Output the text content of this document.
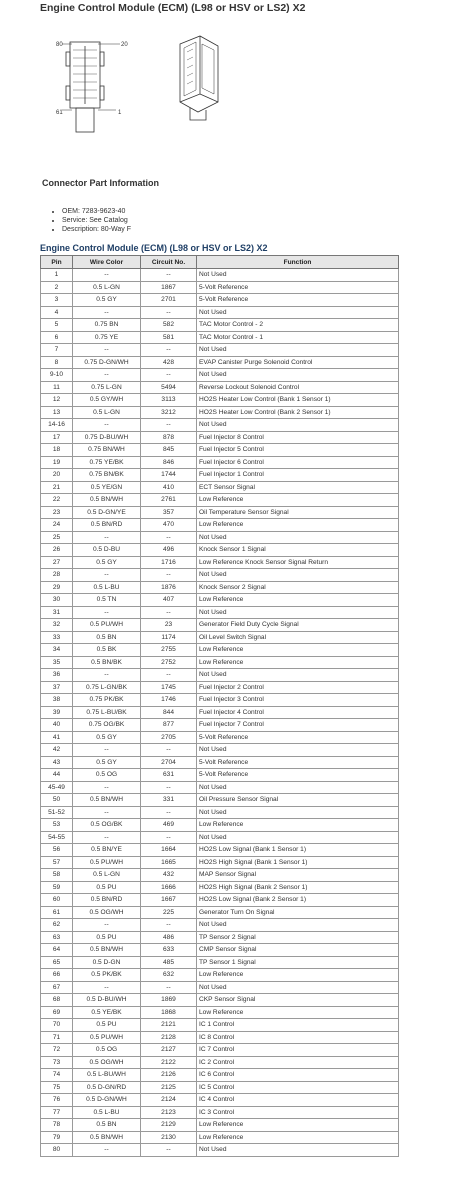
Engine Control Module (ECM) (L98 or HSV or LS2) X2
80	20
61	1
Connector Part Information
• OEM: 7283-9623-40
• Service: See Catalog
• Description: 80-Way F
Engine Control Module (ECM) (L98 or HSV or LS2) X2
Pin	Wire Color	Circuit No.	Function
1	--	--	Not Used
2	0.5 L-GN	1867	5-Volt Reference
3	0.5 GY	2701	5-Volt Reference
4	--	--	Not Used
5	0.75 BN	582	TAC Motor Control - 2
6	0.75 YE	581	TAC Motor Control - 1
7	--	--	Not Used
8	0.75 D-GN/WH	428	EVAP Canister Purge Solenoid Control
9-10	--	--	Not Used
11	0.75 L-GN	5494	Reverse Lockout Solenoid Control
12	0.5 GY/WH	3113	HO2S Heater Low Control (Bank 1 Sensor 1)
13	0.5 L-GN	3212	HO2S Heater Low Control (Bank 2 Sensor 1)
14-16	--	--	Not Used
17	0.75 D-BU/WH	878	Fuel Injector 8 Control
18	0.75 BN/WH	845	Fuel Injector 5 Control
19	0.75 YE/BK	846	Fuel Injector 6 Control
20	0.75 BN/BK	1744	Fuel Injector 1 Control
21	0.5 YE/GN	410	ECT Sensor Signal
22	0.5 BN/WH	2761	Low Reference
23	0.5 D-GN/YE	357	Oil Temperature Sensor Signal
24	0.5 BN/RD	470	Low Reference
25	--	--	Not Used
26	0.5 D-BU	496	Knock Sensor 1 Signal
27	0.5 GY	1716	Low Reference Knock Sensor Signal Return
28	--	--	Not Used
29	0.5 L-BU	1876	Knock Sensor 2 Signal
30	0.5 TN	407	Low Reference
31	--	--	Not Used
32	0.5 PU/WH	23	Generator Field Duty Cycle Signal
33	0.5 BN	1174	Oil Level Switch Signal
34	0.5 BK	2755	Low Reference
35	0.5 BN/BK	2752	Low Reference
36	--	--	Not Used
37	0.75 L-GN/BK	1745	Fuel Injector 2 Control
38	0.75 PK/BK	1746	Fuel Injector 3 Control
39	0.75 L-BU/BK	844	Fuel Injector 4 Control
40	0.75 OG/BK	877	Fuel Injector 7 Control
41	0.5 GY	2705	5-Volt Reference
42	--	--	Not Used
43	0.5 GY	2704	5-Volt Reference
44	0.5 OG	631	5-Volt Reference
45-49	--	--	Not Used
50	0.5 BN/WH	331	Oil Pressure Sensor Signal
51-52	--	--	Not Used
53	0.5 OG/BK	469	Low Reference
54-55	--	--	Not Used
56	0.5 BN/YE	1664	HO2S Low Signal (Bank 1 Sensor 1)
57	0.5 PU/WH	1665	HO2S High Signal (Bank 1 Sensor 1)
58	0.5 L-GN	432	MAP Sensor Signal
59	0.5 PU	1666	HO2S High Signal (Bank 2 Sensor 1)
60	0.5 BN/RD	1667	HO2S Low Signal (Bank 2 Sensor 1)
61	0.5 OG/WH	225	Generator Turn On Signal
62	--	--	Not Used
63	0.5 PU	486	TP Sensor 2 Signal
64	0.5 BN/WH	633	CMP Sensor Signal
65	0.5 D-GN	485	TP Sensor 1 Signal
66	0.5 PK/BK	632	Low Reference
67	--	--	Not Used
68	0.5 D-BU/WH	1869	CKP Sensor Signal
69	0.5 YE/BK	1868	Low Reference
70	0.5 PU	2121	IC 1 Control
71	0.5 PU/WH	2128	IC 8 Control
72	0.5 OG	2127	IC 7 Control
73	0.5 OG/WH	2122	IC 2 Control
74	0.5 L-BU/WH	2126	IC 6 Control
75	0.5 D-GN/RD	2125	IC 5 Control
76	0.5 D-GN/WH	2124	IC 4 Control
77	0.5 L-BU	2123	IC 3 Control
78	0.5 BN	2129	Low Reference
79	0.5 BN/WH	2130	Low Reference
80	--	--	Not Used
